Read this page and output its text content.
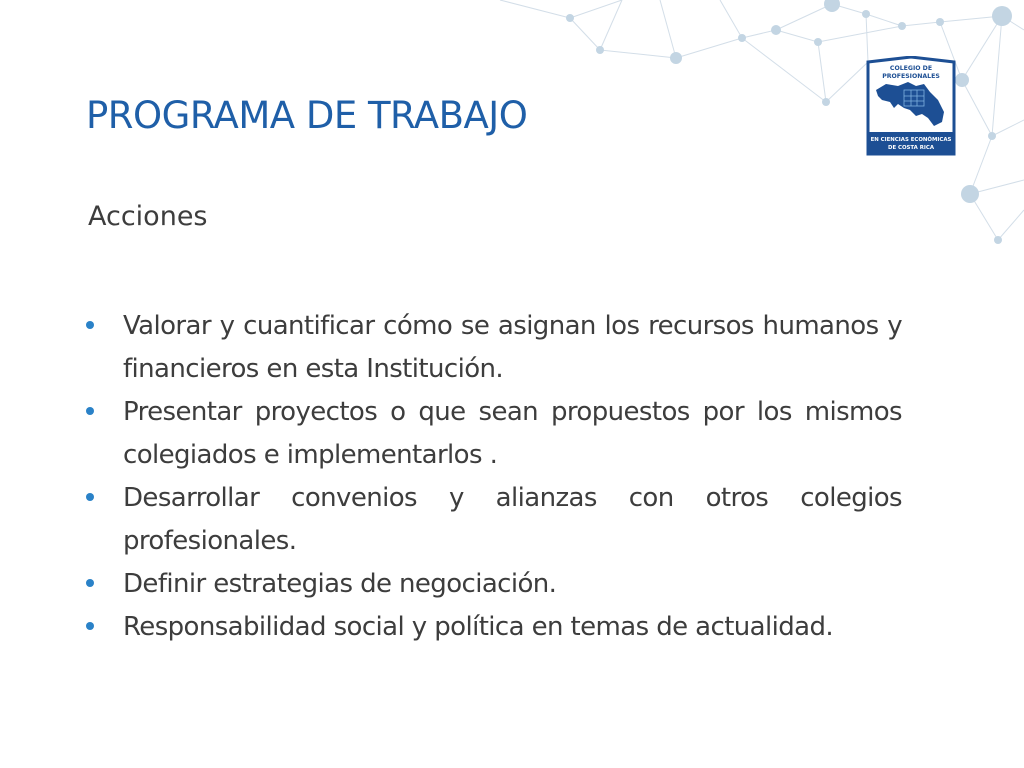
PROGRAMA DE TRABAJO
Acciones
Valorar y cuantificar cómo se asignan los recursos humanos y financieros en esta Institución.
Presentar proyectos o que sean propuestos por los mismos colegiados e implementarlos .
Desarrollar convenios y alianzas con otros colegios profesionales.
Definir estrategias de negociación.
Responsabilidad social y política en temas de actualidad.
COLEGIO DE
PROFESIONALES
EN CIENCIAS ECONÓMICAS
DE COSTA RICA
